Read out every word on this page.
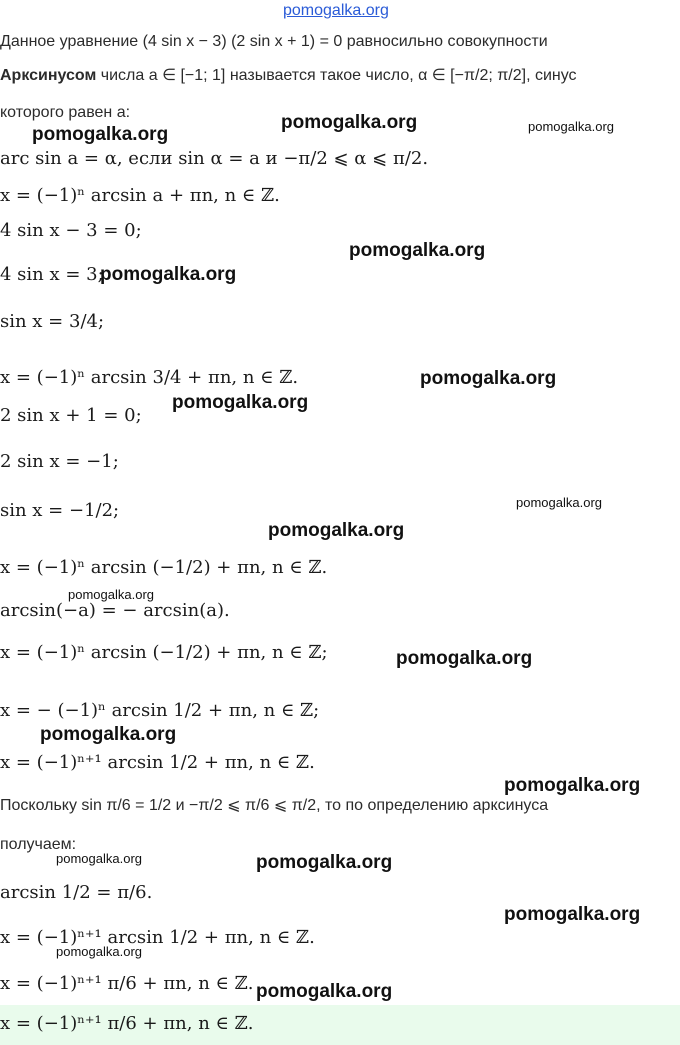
pomogalka.org
Данное уравнение (4 sin x − 3) (2 sin x + 1) = 0 равносильно совокупности
Арксинусом числа a ∈ [−1; 1] называется такое число, α ∈ [−π/2; π/2], синус
которого равен a:
arc sin a = α, если sin α = a и −π/2 ⩽ α ⩽ π/2.
x = (−1)ⁿ arcsin a + πn, n ∈ ℤ.
4 sin x − 3 = 0;
4 sin x = 3;
sin x = 3/4;
x = (−1)ⁿ arcsin 3/4 + πn, n ∈ ℤ.
2 sin x + 1 = 0;
2 sin x = −1;
sin x = −1/2;
x = (−1)ⁿ arcsin (−1/2) + πn, n ∈ ℤ.
arcsin(−a) = − arcsin(a).
x = (−1)ⁿ arcsin (−1/2) + πn, n ∈ ℤ;
x = − (−1)ⁿ arcsin 1/2 + πn, n ∈ ℤ;
x = (−1)ⁿ⁺¹ arcsin 1/2 + πn, n ∈ ℤ.
Поскольку sin π/6 = 1/2 и −π/2 ⩽ π/6 ⩽ π/2, то по определению арксинуса
получаем:
arcsin 1/2 = π/6.
x = (−1)ⁿ⁺¹ arcsin 1/2 + πn, n ∈ ℤ.
x = (−1)ⁿ⁺¹ π/6 + πn, n ∈ ℤ.
x = (−1)ⁿ⁺¹ π/6 + πn, n ∈ ℤ.
pomogalka.org
pomogalka.org	pomogalka.org
pomogalka.org
pomogalka.org
pomogalka.org
pomogalka.org
pomogalka.org
pomogalka.org
pomogalka.org
pomogalka.org
pomogalka.org
pomogalka.org
pomogalka.org	pomogalka.org
pomogalka.org
pomogalka.org
pomogalka.org
